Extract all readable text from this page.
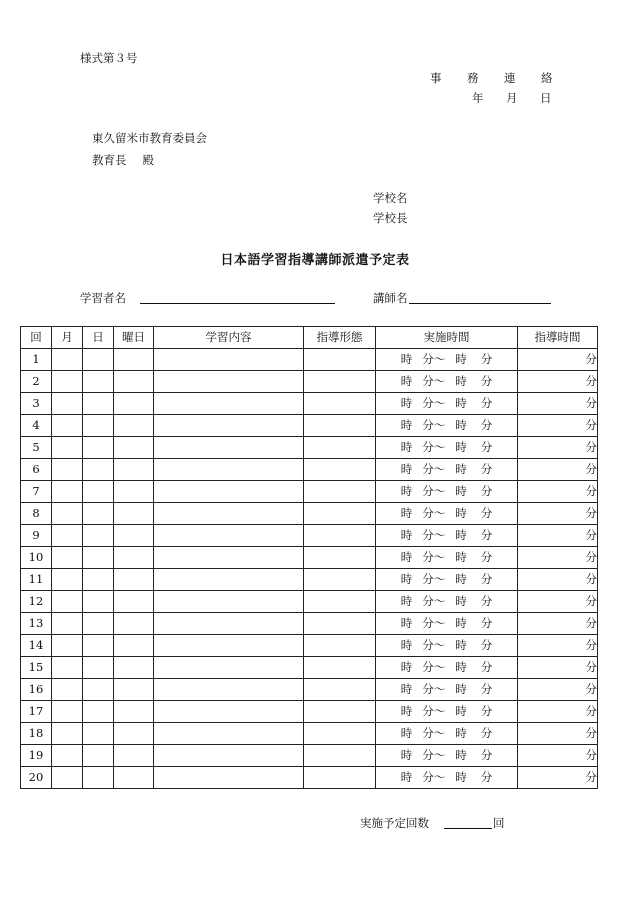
様式第３号
事 務 連 絡
年 月 日
東久留米市教育委員会
教育長 殿
学校名
学校長
日本語学習指導講師派遣予定表
学習者名	講師名
回	月	日	曜日	学習内容	指導形態	実施時間	指導時間
1						時 分～ 時 分	分
2						時 分～ 時 分	分
3						時 分～ 時 分	分
4						時 分～ 時 分	分
5						時 分～ 時 分	分
6						時 分～ 時 分	分
7						時 分～ 時 分	分
8						時 分～ 時 分	分
9						時 分～ 時 分	分
10						時 分～ 時 分	分
11						時 分～ 時 分	分
12						時 分～ 時 分	分
13						時 分～ 時 分	分
14						時 分～ 時 分	分
15						時 分～ 時 分	分
16						時 分～ 時 分	分
17						時 分～ 時 分	分
18						時 分～ 時 分	分
19						時 分～ 時 分	分
20						時 分～ 時 分	分
実施予定回数	回
